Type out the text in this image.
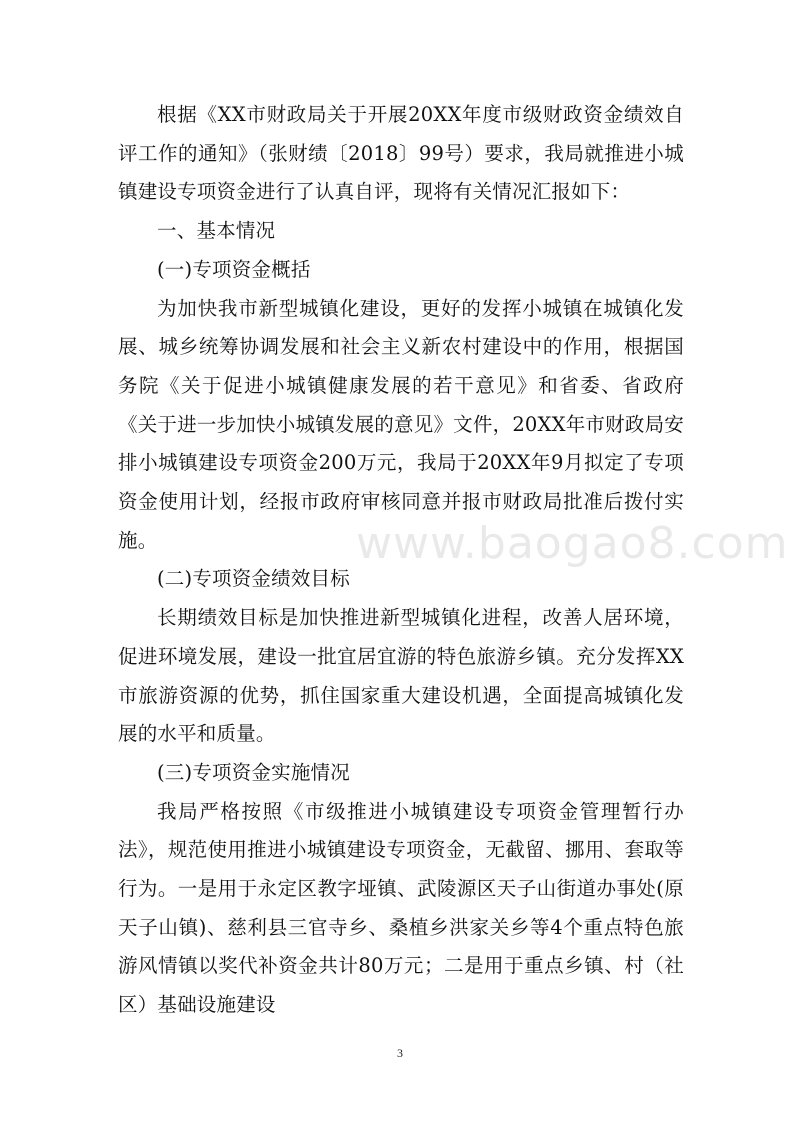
根据《XX市财政局关于开展20XX年度市级财政资金绩效自评工作的通知》（张财绩〔2018〕99号）要求，我局就推进小城镇建设专项资金进行了认真自评，现将有关情况汇报如下：

一、基本情况

(一)专项资金概括

为加快我市新型城镇化建设，更好的发挥小城镇在城镇化发展、城乡统筹协调发展和社会主义新农村建设中的作用，根据国务院《关于促进小城镇健康发展的若干意见》和省委、省政府《关于进一步加快小城镇发展的意见》文件，20XX年市财政局安排小城镇建设专项资金200万元，我局于20XX年9月拟定了专项资金使用计划，经报市政府审核同意并报市财政局批准后拨付实施。

(二)专项资金绩效目标

长期绩效目标是加快推进新型城镇化进程，改善人居环境，促进环境发展，建设一批宜居宜游的特色旅游乡镇。充分发挥XX市旅游资源的优势，抓住国家重大建设机遇，全面提高城镇化发展的水平和质量。

(三)专项资金实施情况

我局严格按照《市级推进小城镇建设专项资金管理暂行办法》，规范使用推进小城镇建设专项资金，无截留、挪用、套取等行为。一是用于永定区教字垭镇、武陵源区天子山街道办事处(原天子山镇)、慈利县三官寺乡、桑植乡洪家关乡等4个重点特色旅游风情镇以奖代补资金共计80万元；二是用于重点乡镇、村（社区）基础设施建设

www.baogao8.com
3
